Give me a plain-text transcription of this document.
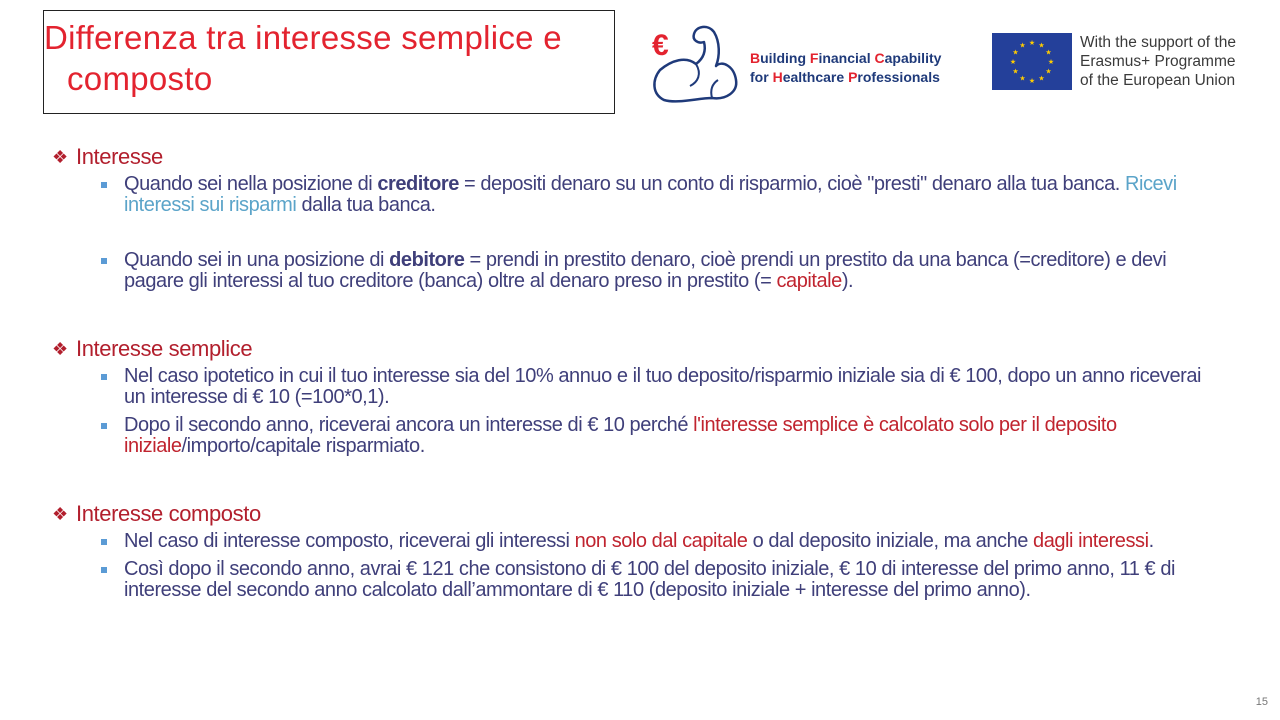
Differenza tra interesse semplice e
composto
€	Building Financial Capability
for Healthcare Professionals
★ ★
★
★
★
★
★
★
★
★
★
★	With the support of the
Erasmus+ Programme
of the European Union
❖ Interesse
Quando sei nella posizione di creditore = depositi denaro su un conto di risparmio, cioè "presti" denaro alla tua banca. Ricevi interessi sui risparmi dalla tua banca.
Quando sei in una posizione di debitore = prendi in prestito denaro, cioè prendi un prestito da una banca (=creditore) e devi pagare gli interessi al tuo creditore (banca) oltre al denaro preso in prestito (= capitale).
❖ Interesse semplice
Nel caso ipotetico in cui il tuo interesse sia del 10% annuo e il tuo deposito/risparmio iniziale sia di € 100, dopo un anno riceverai un interesse di € 10 (=100*0,1).
Dopo il secondo anno, riceverai ancora un interesse di € 10 perché l'interesse semplice è calcolato solo per il deposito iniziale/importo/capitale risparmiato.
❖ Interesse composto
Nel caso di interesse composto, riceverai gli interessi non solo dal capitale o dal deposito iniziale, ma anche dagli interessi.
Così dopo il secondo anno, avrai € 121 che consistono di € 100 del deposito iniziale, € 10 di interesse del primo anno, 11 € di interesse del secondo anno calcolato dall’ammontare di € 110 (deposito iniziale + interesse del primo anno).
15
